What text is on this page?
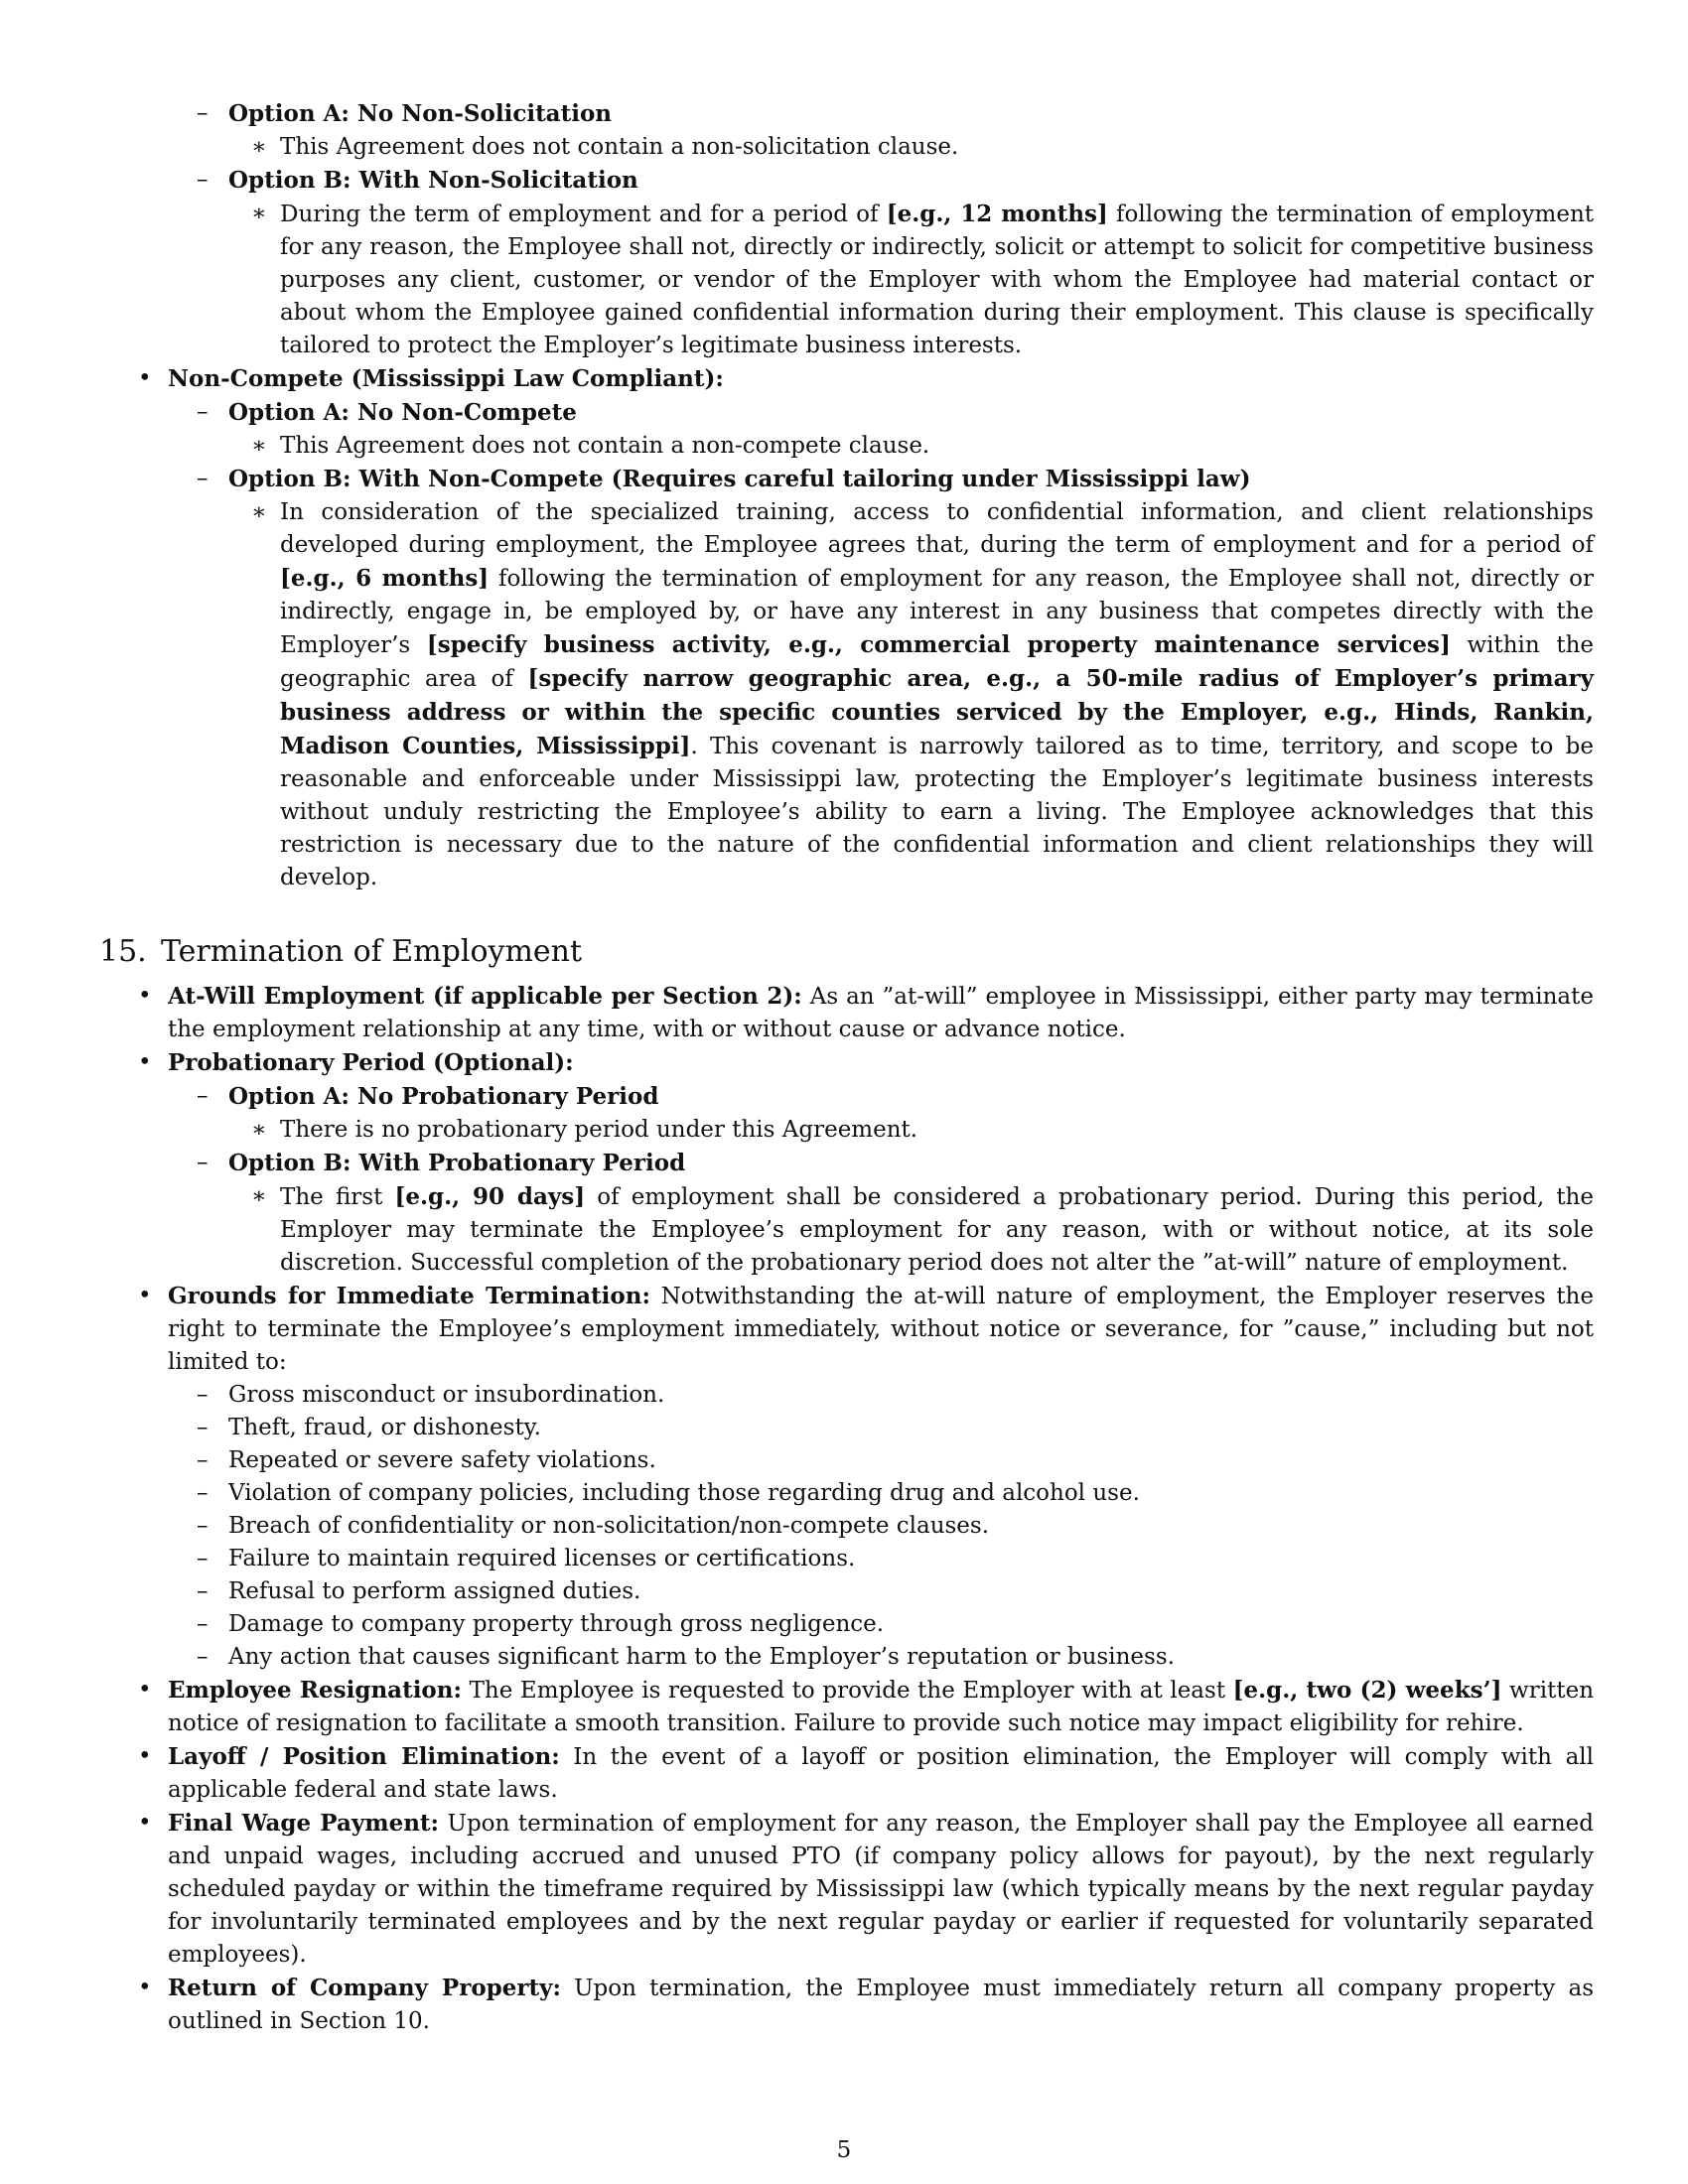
– Option A: No Non-Solicitation
∗ This Agreement does not contain a non-solicitation clause.
– Option B: With Non-Solicitation
∗ During the term of employment and for a period of [e.g., 12 months] following the termination of employment for any reason, the Employee shall not, directly or indirectly, solicit or attempt to solicit for competitive business purposes any client, customer, or vendor of the Employer with whom the Employee had material contact or about whom the Employee gained confidential information during their employment. This clause is specifically tailored to protect the Employer’s legitimate business interests.
• Non-Compete (Mississippi Law Compliant):
– Option A: No Non-Compete
∗ This Agreement does not contain a non-compete clause.
– Option B: With Non-Compete (Requires careful tailoring under Mississippi law)
∗ In consideration of the specialized training, access to confidential information, and client relationships developed during employment, the Employee agrees that, during the term of employment and for a period of [e.g., 6 months] following the termination of employment for any reason, the Employee shall not, directly or indirectly, engage in, be employed by, or have any interest in any business that competes directly with the Employer’s [specify business activity, e.g., commercial property maintenance services] within the geographic area of [specify narrow geographic area, e.g., a 50-mile radius of Employer’s primary business address or within the specific counties serviced by the Employer, e.g., Hinds, Rankin, Madison Counties, Mississippi]. This covenant is narrowly tailored as to time, territory, and scope to be reasonable and enforceable under Mississippi law, protecting the Employer’s legitimate business interests without unduly restricting the Employee’s ability to earn a living. The Employee acknowledges that this restriction is necessary due to the nature of the confidential information and client relationships they will develop.
15. Termination of Employment
• At-Will Employment (if applicable per Section 2): As an ”at-will” employee in Mississippi, either party may terminate the employment relationship at any time, with or without cause or advance notice.
• Probationary Period (Optional):
– Option A: No Probationary Period
∗ There is no probationary period under this Agreement.
– Option B: With Probationary Period
∗ The first [e.g., 90 days] of employment shall be considered a probationary period. During this period, the Employer may terminate the Employee’s employment for any reason, with or without notice, at its sole discretion. Successful completion of the probationary period does not alter the ”at-will” nature of employment.
• Grounds for Immediate Termination: Notwithstanding the at-will nature of employment, the Employer reserves the right to terminate the Employee’s employment immediately, without notice or severance, for ”cause,” including but not limited to:
– Gross misconduct or insubordination.
– Theft, fraud, or dishonesty.
– Repeated or severe safety violations.
– Violation of company policies, including those regarding drug and alcohol use.
– Breach of confidentiality or non-solicitation/non-compete clauses.
– Failure to maintain required licenses or certifications.
– Refusal to perform assigned duties.
– Damage to company property through gross negligence.
– Any action that causes significant harm to the Employer’s reputation or business.
• Employee Resignation: The Employee is requested to provide the Employer with at least [e.g., two (2) weeks’] written notice of resignation to facilitate a smooth transition. Failure to provide such notice may impact eligibility for rehire.
• Layoff / Position Elimination: In the event of a layoff or position elimination, the Employer will comply with all applicable federal and state laws.
• Final Wage Payment: Upon termination of employment for any reason, the Employer shall pay the Employee all earned and unpaid wages, including accrued and unused PTO (if company policy allows for payout), by the next regularly scheduled payday or within the timeframe required by Mississippi law (which typically means by the next regular payday for involuntarily terminated employees and by the next regular payday or earlier if requested for voluntarily separated employees).
• Return of Company Property: Upon termination, the Employee must immediately return all company property as outlined in Section 10.
5
